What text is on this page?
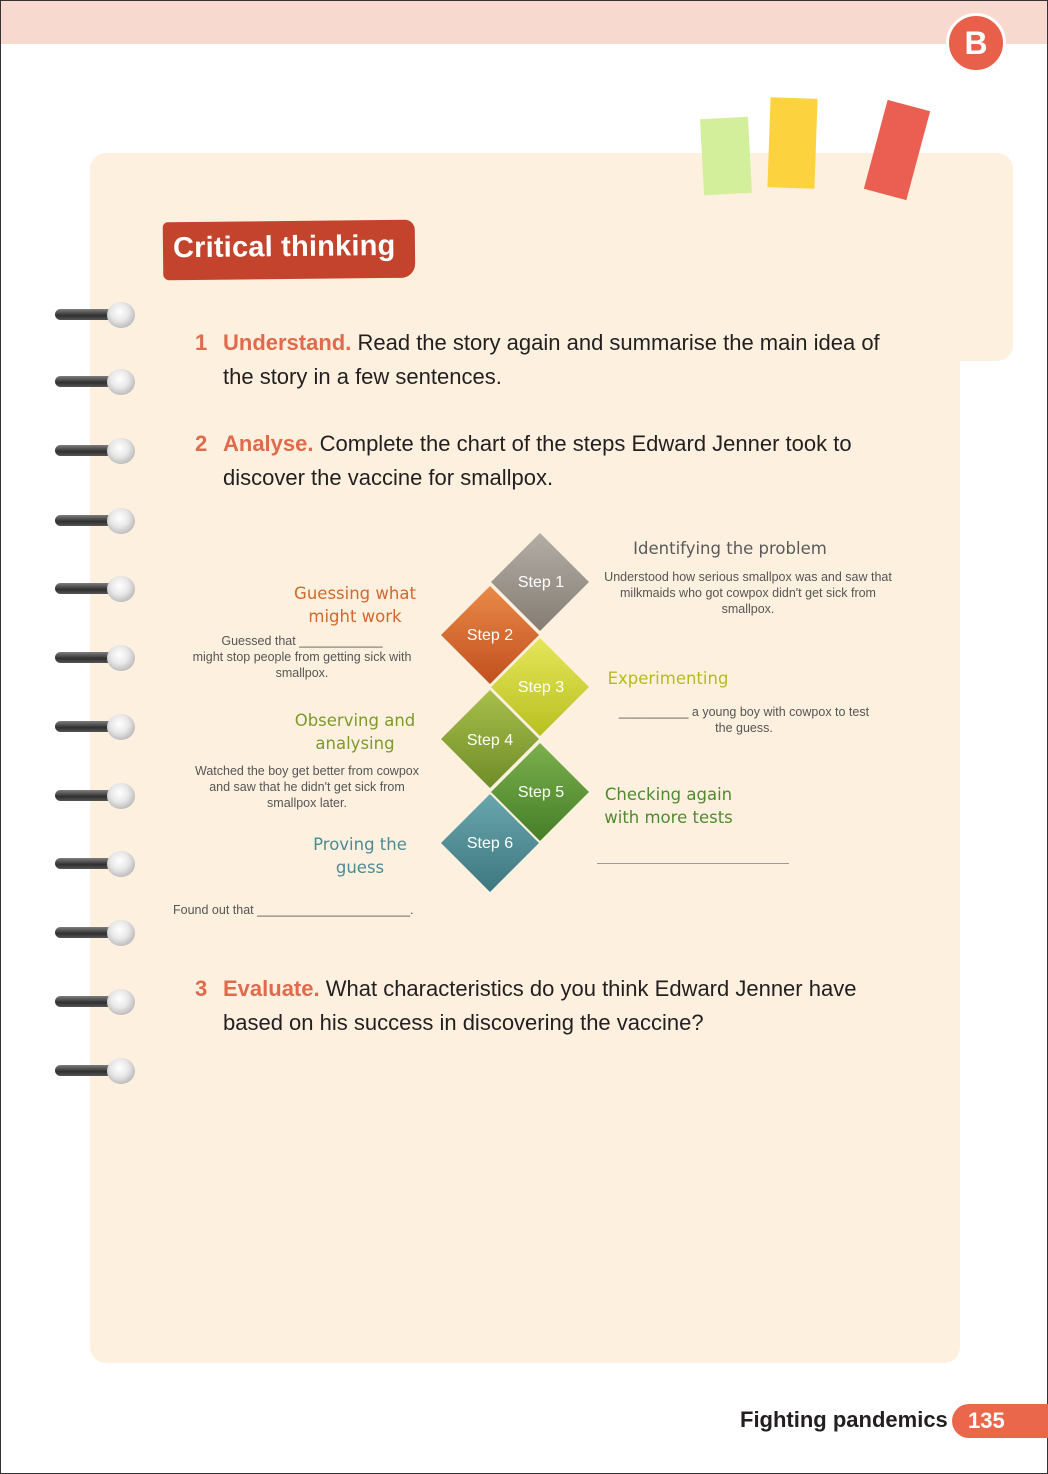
B
Critical thinking
1 Understand. Read the story again and summarise the main idea of the story in a few sentences.
2 Analyse. Complete the chart of the steps Edward Jenner took to discover the vaccine for smallpox.
3 Evaluate. What characteristics do you think Edward Jenner have based on his success in discovering the vaccine?
Step 1
Step 2
Step 3
Step 4
Step 5
Step 6
Identifying the problem
Understood how serious smallpox was and saw that milkmaids who got cowpox didn't get sick from smallpox.
Guessing what
might work
Guessed that ____________
might stop people from getting sick with
smallpox.	Experimenting
__________ a young boy with cowpox to test
the guess.
Observing and
analysing
Watched the boy get better from cowpox
and saw that he didn't get sick from
smallpox later.	Checking again
with more tests
Proving the
guess
Found out that ______________________.
Fighting pandemics 135
